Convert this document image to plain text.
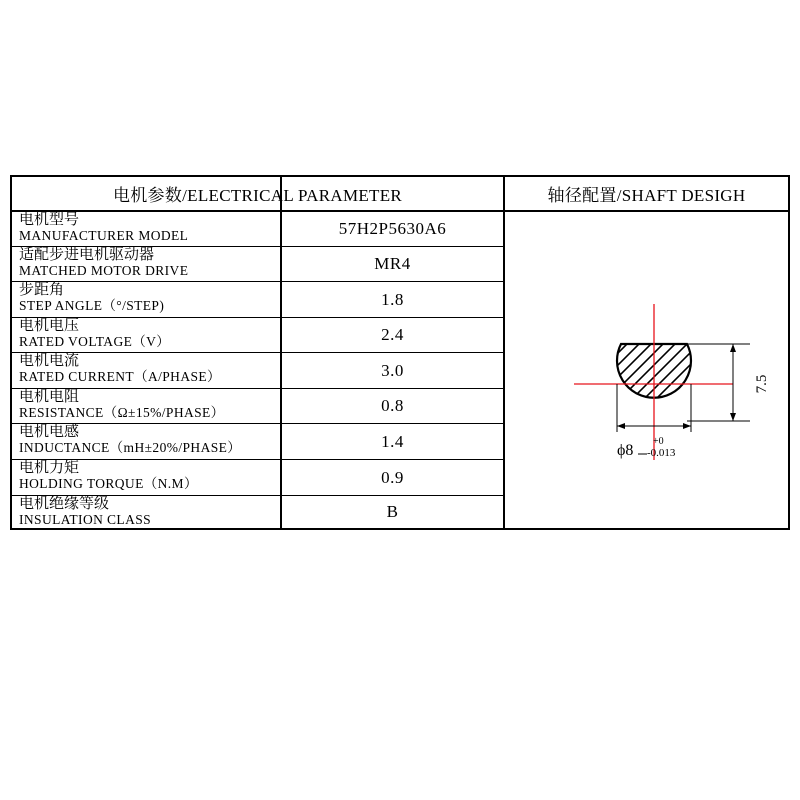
电机参数/ELECTRICAL PARAMETER	轴径配置/SHAFT DESIGH
电机型号
MANUFACTURER MODEL	57H2P5630A6
适配步进电机驱动器
MATCHED MOTOR DRIVE	MR4
步距角
STEP ANGLE（°/STEP)	1.8
电机电压
RATED VOLTAGE（V）	2.4
电机电流
RATED CURRENT（A/PHASE）	3.0
电机电阻
RESISTANCE（Ω±15%/PHASE）	0.8
电机电感
INDUCTANCE（mH±20%/PHASE）	1.4
电机力矩
HOLDING TORQUE（N.M）	0.9
电机绝缘等级
INSULATION CLASS	B
7.5
ϕ8
+0
-0.013
